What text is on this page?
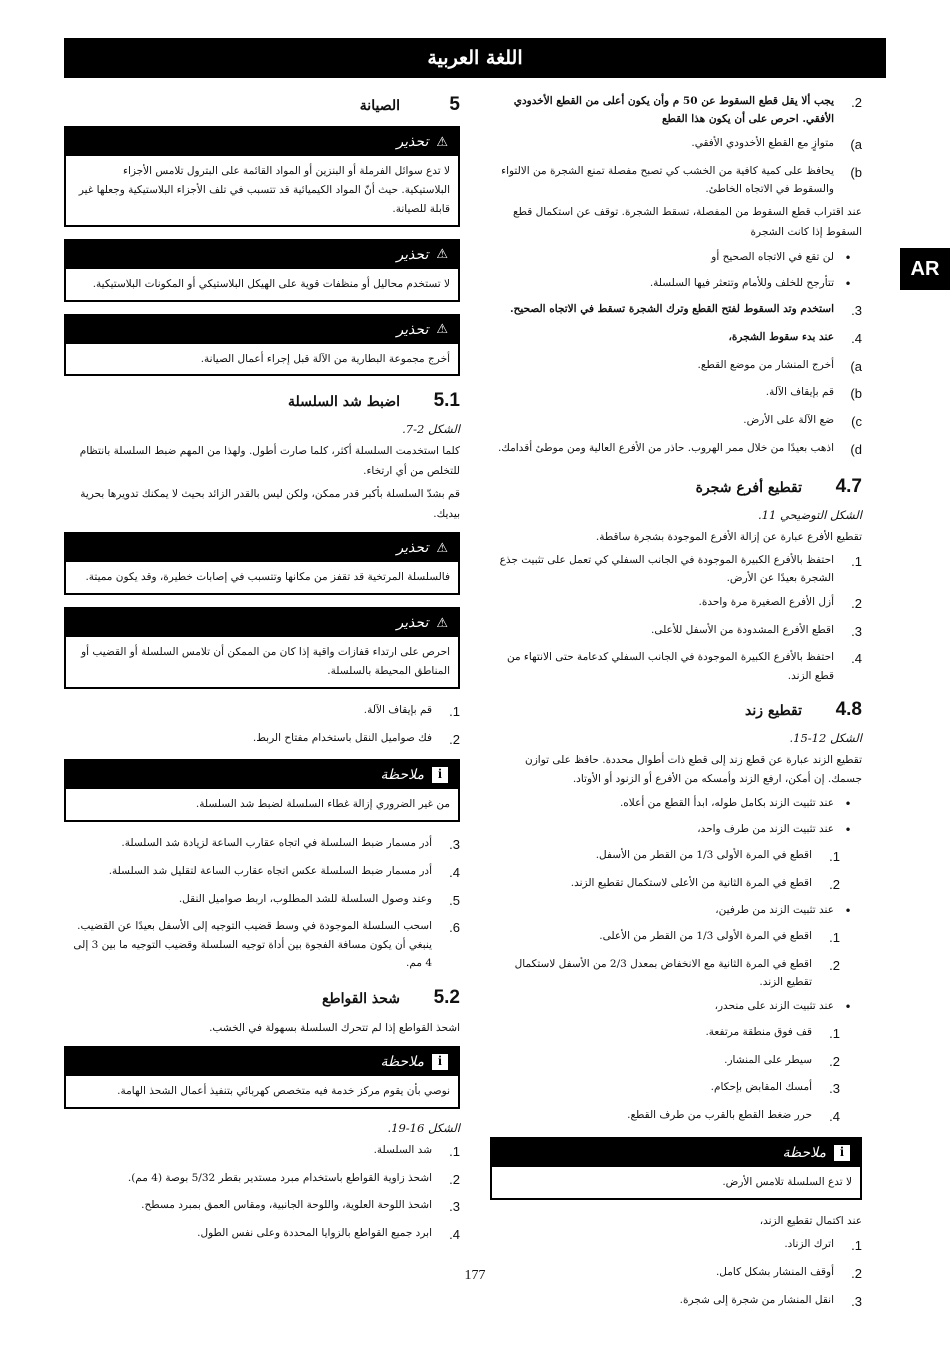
اللغة العربية
AR
2.
يجب ألا يقل قطع السقوط عن 50 م وأن يكون أعلى من القطع الأخدودي الأفقي. احرص على أن يكون هذا القطع
a)
متوازٍ مع القطع الأخدودي الأفقي.
b)
يحافظ على كمية كافية من الخشب كي تصبح مفصلة تمنع الشجرة من الالتواء والسقوط في الاتجاه الخاطئ.

عند اقتراب قطع السقوط من المفصلة، تسقط الشجرة. توقف عن استكمال قطع السقوط إذا كانت الشجرة

•
لن تقع في الاتجاه الصحيح أو
•
تتأرجح للخلف وللأمام وتتعثر فيها السلسلة.
3.
استخدم وتد السقوط لفتح القطع وترك الشجرة تسقط في الاتجاه الصحيح.
4.
عند بدء سقوط الشجرة،
a)
أخرج المنشار من موضع القطع.
b)
قم بإيقاف الآلة.
c)
ضع الآلة على الأرض.
d)
اذهب بعيدًا من خلال ممر الهروب. حاذر من الأفرع العالية ومن موطئ أقدامك.
4.7
تقطيع أفرع شجرة

الشكل التوضيحي 11.

تقطيع الأفرع عبارة عن إزالة الأفرع الموجودة بشجرة ساقطة.

1.
احتفظ بالأفرع الكبيرة الموجودة في الجانب السفلي كي تعمل على تثبيت جذع الشجرة بعيدًا عن الأرض.
2.
أزل الأفرع الصغيرة مرة واحدة.
3.
اقطع الأفرع المشدودة من الأسفل للأعلى.
4.
احتفظ بالأفرع الكبيرة الموجودة في الجانب السفلي كدعامة حتى الانتهاء من قطع الزند.
4.8
تقطيع زند

الشكل 12-15.

تقطيع الزند عبارة عن قطع زند إلى قطع ذات أطوال محددة. حافظ على توازن جسمك. إن أمكن، ارفع الزند وأمسكه من الأفرع أو الزنود أو الأوتاد.

•
عند تثبيت الزند بكامل طوله، ابدأ القطع من أعلاه.
•
عند تثبيت الزند من طرف واحد،
1.
اقطع في المرة الأولى 1/3 من القطر من الأسفل.
2.
اقطع في المرة الثانية من الأعلى لاستكمال تقطيع الزند.
•
عند تثبيت الزند من طرفين،
1.
اقطع في المرة الأولى 1/3 من القطر من الأعلى.
2.
اقطع في المرة الثانية مع الانخفاض بمعدل 2/3 من الأسفل لاستكمال تقطيع الزند.
•
عند تثبيت الزند على منحدر،
1.
قف فوق منطقة مرتفعة.
2.
سيطر على المنشار.
3.
أمسك المقابض بإحكام.
4.
حرر ضغط القطع بالقرب من طرف القطع.
i
ملاحظة
لا تدع السلسلة تلامس الأرض.

عند اكتمال تقطيع الزند،

1.
اترك الزناد.
2.
أوقف المنشار بشكل كامل.
3.
انقل المنشار من شجرة إلى شجرة.
5
الصيانة
⚠
تحذير
لا تدع سوائل الفرملة أو البنزين أو المواد القائمة على البترول تلامس الأجزاء البلاستيكية. حيث أنّ المواد الكيميائية قد تتسبب في تلف الأجزاء البلاستيكية وجعلها غير قابلة للصيانة.
⚠
تحذير
لا تستخدم محاليل أو منظفات قوية على الهيكل البلاستيكي أو المكونات البلاستيكية.
⚠
تحذير
أخرج مجموعة البطارية من الآلة قبل إجراء أعمال الصيانة.
5.1
اضبط شد السلسلة

الشكل 2-7.

كلما استخدمت السلسلة أكثر، كلما صارت أطول. ولهذا من المهم ضبط السلسلة بانتظام للتخلص من أي ارتخاء.

قم بشدّ السلسلة بأكبر قدر ممكن، ولكن ليس بالقدر الزائد بحيث لا يمكنك تدويرها بحرية بيديك.

⚠
تحذير
فالسلسلة المرتخية قد تقفز من مكانها وتتسبب في إصابات خطيرة، وقد يكون مميتة.
⚠
تحذير
احرص على ارتداء قفازات واقية إذا كان من الممكن أن تلامس السلسلة أو القضيب أو المناطق المحيطة بالسلسلة.
1.
قم بإيقاف الآلة.
2.
فك صواميل النقل باستخدام مفتاح الربط.
i
ملاحظة
من غير الضروري إزالة غطاء السلسلة لضبط شد السلسلة.
3.
أدر مسمار ضبط السلسلة في اتجاه عقارب الساعة لزيادة شد السلسلة.
4.
أدر مسمار ضبط السلسلة عكس اتجاه عقارب الساعة لتقليل شد السلسلة.
5.
وعند وصول السلسلة للشد المطلوب، اربط صواميل النقل.
6.
اسحب السلسلة الموجودة في وسط قضيب التوجيه إلى الأسفل بعيدًا عن القضيب. ينبغي أن يكون مسافة الفجوة بين أداة توجيه السلسلة وقضيب التوجيه ما بين 3 إلى 4 مم.
5.2
شحذ القواطع

اشحذ القواطع إذا لم تتحرك السلسلة بسهولة في الخشب.

i
ملاحظة
نوصي بأن يقوم مركز خدمة فيه متخصص كهربائي بتنفيذ أعمال الشحذ الهامة.

الشكل 16-19.

1.
شد السلسلة.
2.
اشحذ زاوية القواطع باستخدام مبرد مستدير بقطر 5/32 بوصة (4 مم).
3.
اشحذ اللوحة العلوية، واللوحة الجانبية، ومقاس العمق بمبرد مسطح.
4.
ابرد جميع القواطع بالزوايا المحددة وعلى نفس الطول.
177
